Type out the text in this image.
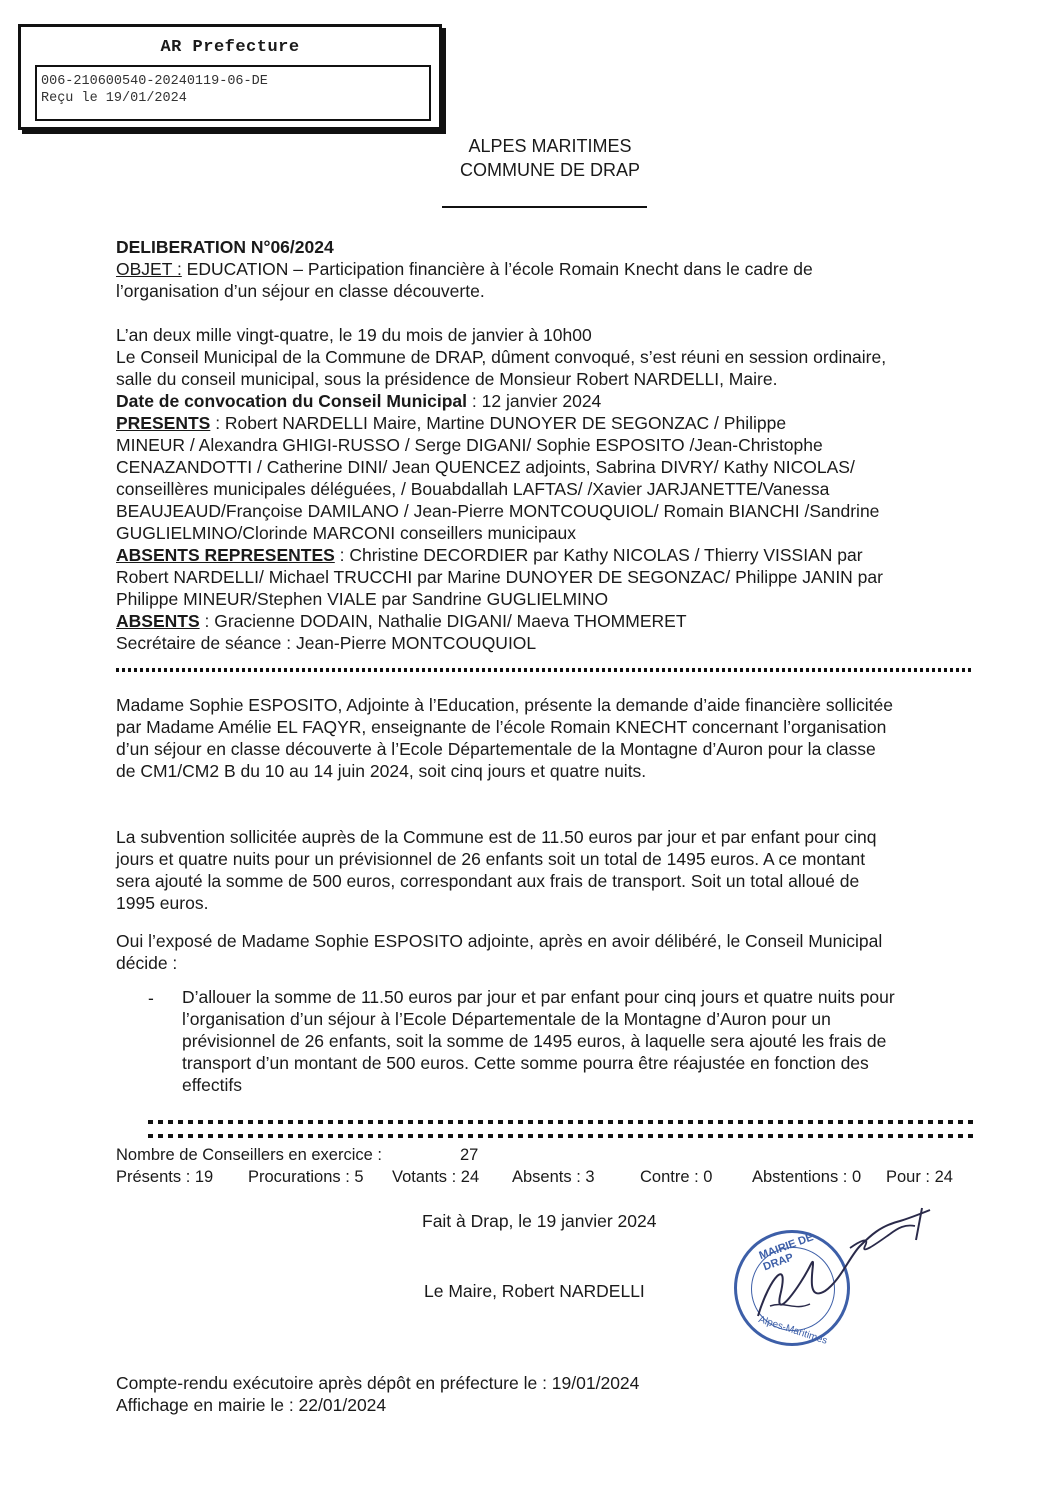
AR Prefecture
006-210600540-20240119-06-DE
Reçu le 19/01/2024
ALPES MARITIMES
COMMUNE DE DRAP
DELIBERATION N°06/2024
OBJET : EDUCATION – Participation financière à l’école Romain Knecht dans le cadre de
l’organisation d’un séjour en classe découverte.
L’an deux mille vingt-quatre, le 19 du mois de janvier à 10h00
Le Conseil Municipal de la Commune de DRAP, dûment convoqué, s’est réuni en session ordinaire,
salle du conseil municipal, sous la présidence de Monsieur Robert NARDELLI, Maire.
Date de convocation du Conseil Municipal : 12 janvier 2024
PRESENTS : Robert NARDELLI Maire, Martine DUNOYER DE SEGONZAC / Philippe
MINEUR / Alexandra GHIGI-RUSSO / Serge DIGANI/ Sophie ESPOSITO /Jean-Christophe
CENAZANDOTTI / Catherine DINI/ Jean QUENCEZ adjoints, Sabrina DIVRY/ Kathy NICOLAS/
conseillères municipales déléguées, / Bouabdallah LAFTAS/ /Xavier JARJANETTE/Vanessa
BEAUJEAUD/Françoise DAMILANO / Jean-Pierre MONTCOUQUIOL/ Romain BIANCHI /Sandrine
GUGLIELMINO/Clorinde MARCONI conseillers municipaux
ABSENTS REPRESENTES : Christine DECORDIER par Kathy NICOLAS / Thierry VISSIAN par
Robert NARDELLI/ Michael TRUCCHI par Marine DUNOYER DE SEGONZAC/ Philippe JANIN par
Philippe MINEUR/Stephen VIALE par Sandrine GUGLIELMINO
ABSENTS : Gracienne DODAIN, Nathalie DIGANI/ Maeva THOMMERET
Secrétaire de séance : Jean-Pierre MONTCOUQUIOL
Madame Sophie ESPOSITO, Adjointe à l’Education, présente la demande d’aide financière sollicitée
par Madame Amélie EL FAQYR, enseignante de l’école Romain KNECHT concernant l’organisation
d’un séjour en classe découverte à l’Ecole Départementale de la Montagne d’Auron pour la classe
de CM1/CM2 B du 10 au 14 juin 2024, soit cinq jours et quatre nuits.
La subvention sollicitée auprès de la Commune est de 11.50 euros par jour et par enfant pour cinq
jours et quatre nuits pour un prévisionnel de 26 enfants soit un total de 1495 euros. A ce montant
sera ajouté la somme de 500 euros, correspondant aux frais de transport. Soit un total alloué de
1995 euros.
Oui l’exposé de Madame Sophie ESPOSITO adjointe, après en avoir délibéré, le Conseil Municipal
décide :
- D’allouer la somme de 11.50 euros par jour et par enfant pour cinq jours et quatre nuits pour
l’organisation d’un séjour à l’Ecole Départementale de la Montagne d’Auron pour un
prévisionnel de 26 enfants, soit la somme de 1495 euros, à laquelle sera ajouté les frais de
transport d’un montant de 500 euros. Cette somme pourra être réajustée en fonction des
effectifs
Nombre de Conseillers en exercice :	27
Présents : 19 Procurations : 5 Votants : 24 Absents : 3	Contre : 0 Abstentions : 0 Pour : 24
Fait à Drap, le 19 janvier 2024
Le Maire, Robert NARDELLI
MAIRIE DE DRAP
Alpes-Maritimes
Compte-rendu exécutoire après dépôt en préfecture le : 19/01/2024
Affichage en mairie le : 22/01/2024
